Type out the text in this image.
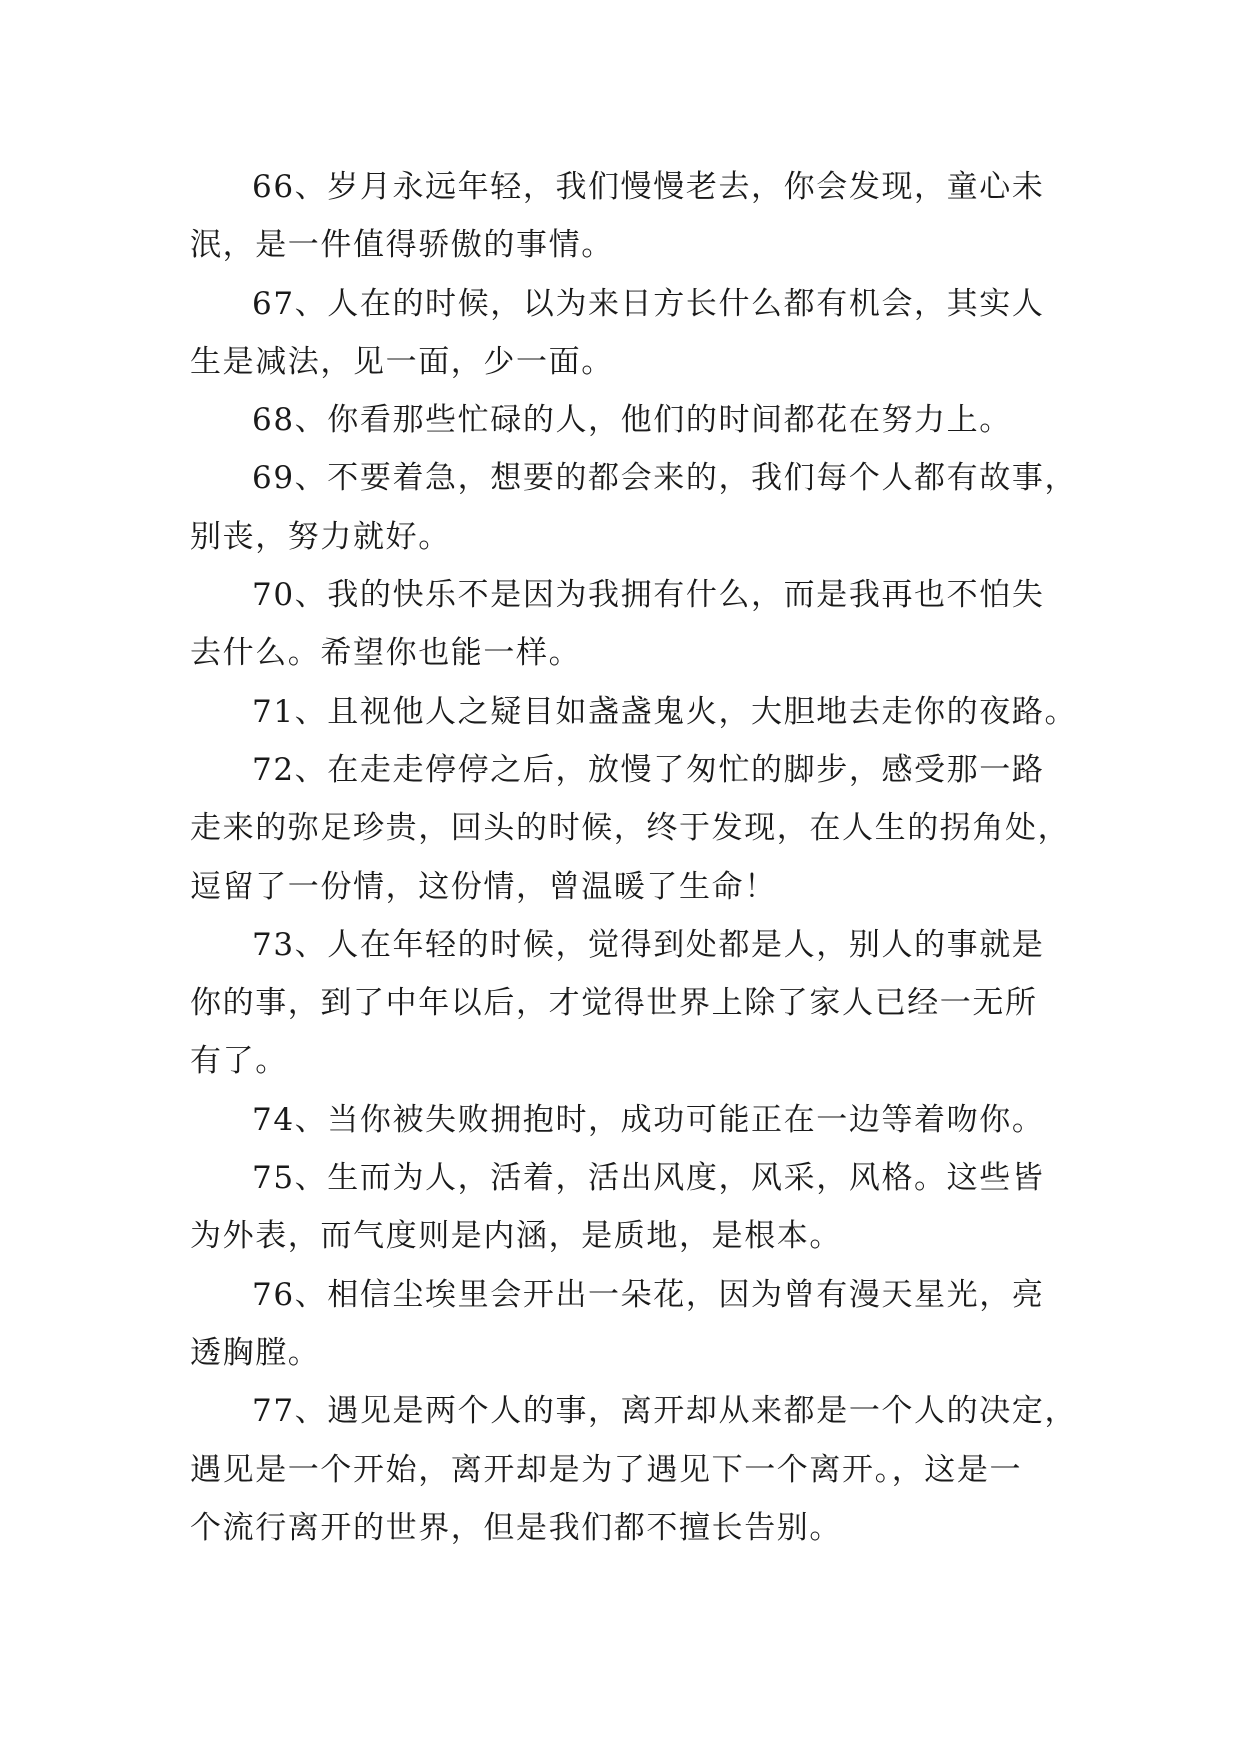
66、岁月永远年轻，我们慢慢老去，你会发现，童心未
泯，是一件值得骄傲的事情。
67、人在的时候，以为来日方长什么都有机会，其实人
生是减法，见一面，少一面。
68、你看那些忙碌的人，他们的时间都花在努力上。
69、不要着急，想要的都会来的，我们每个人都有故事，
别丧，努力就好。
70、我的快乐不是因为我拥有什么，而是我再也不怕失
去什么。希望你也能一样。
71、且视他人之疑目如盏盏鬼火，大胆地去走你的夜路。
72、在走走停停之后，放慢了匆忙的脚步，感受那一路
走来的弥足珍贵，回头的时候，终于发现，在人生的拐角处，
逗留了一份情，这份情，曾温暖了生命！
73、人在年轻的时候，觉得到处都是人，别人的事就是
你的事，到了中年以后，才觉得世界上除了家人已经一无所
有了。
74、当你被失败拥抱时，成功可能正在一边等着吻你。
75、生而为人，活着，活出风度，风采，风格。这些皆
为外表，而气度则是内涵，是质地，是根本。
76、相信尘埃里会开出一朵花，因为曾有漫天星光，亮
透胸膛。
77、遇见是两个人的事，离开却从来都是一个人的决定，
遇见是一个开始，离开却是为了遇见下一个离开。，这是一
个流行离开的世界，但是我们都不擅长告别。
